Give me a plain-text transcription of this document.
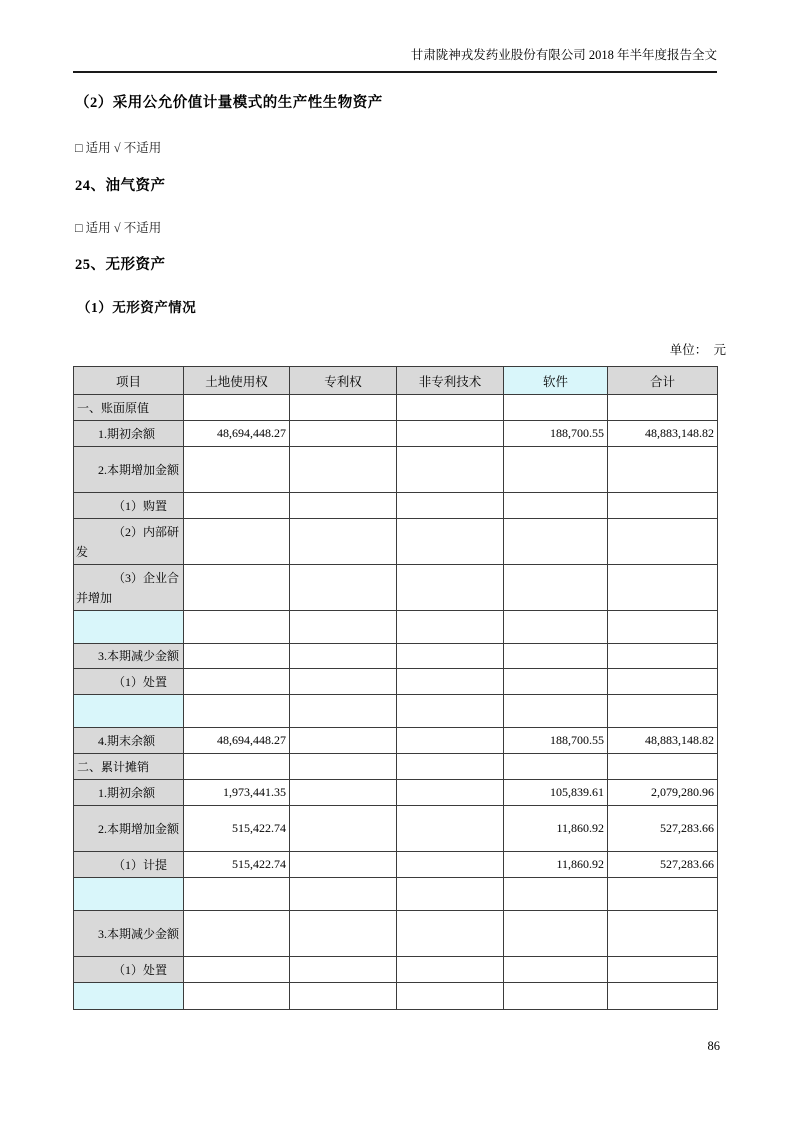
甘肃陇神戎发药业股份有限公司 2018 年半年度报告全文
（2）采用公允价值计量模式的生产性生物资产
□ 适用 √ 不适用
24、油气资产
□ 适用 √ 不适用
25、无形资产
（1）无形资产情况
单位：　元
项目	土地使用权	专利权	非专利技术	软件	合计
一、账面原值					
1.期初余额	48,694,448.27			188,700.55	48,883,148.82
2.本期增加金额					
（1）购置					
（2）内部研发					
（3）企业合并增加					

3.本期减少金额					
（1）处置					

4.期末余额	48,694,448.27			188,700.55	48,883,148.82
二、累计摊销					
1.期初余额	1,973,441.35			105,839.61	2,079,280.96
2.本期增加金额	515,422.74			11,860.92	527,283.66
（1）计提	515,422.74			11,860.92	527,283.66

3.本期减少金额					
（1）处置					

86
